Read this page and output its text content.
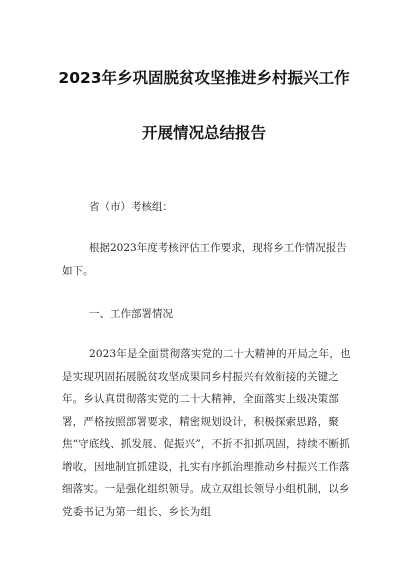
2023年乡巩固脱贫攻坚推进乡村振兴工作
开展情况总结报告
省（市）考核组：
根据2023年度考核评估工作要求，现将乡工作情况报告如下。
一、工作部署情况
2023年是全面贯彻落实党的二十大精神的开局之年，也是实现巩固拓展脱贫攻坚成果同乡村振兴有效衔接的关键之年。乡认真贯彻落实党的二十大精神，全面落实上级决策部署，严格按照部署要求，精密规划设计，积极探索思路，聚焦“守底线、抓发展、促振兴”，不折不扣抓巩固，持续不断抓增收，因地制宜抓建设，扎实有序抓治理推动乡村振兴工作落细落实。一是强化组织领导。成立双组长领导小组机制，以乡党委书记为第一组长、乡长为组
